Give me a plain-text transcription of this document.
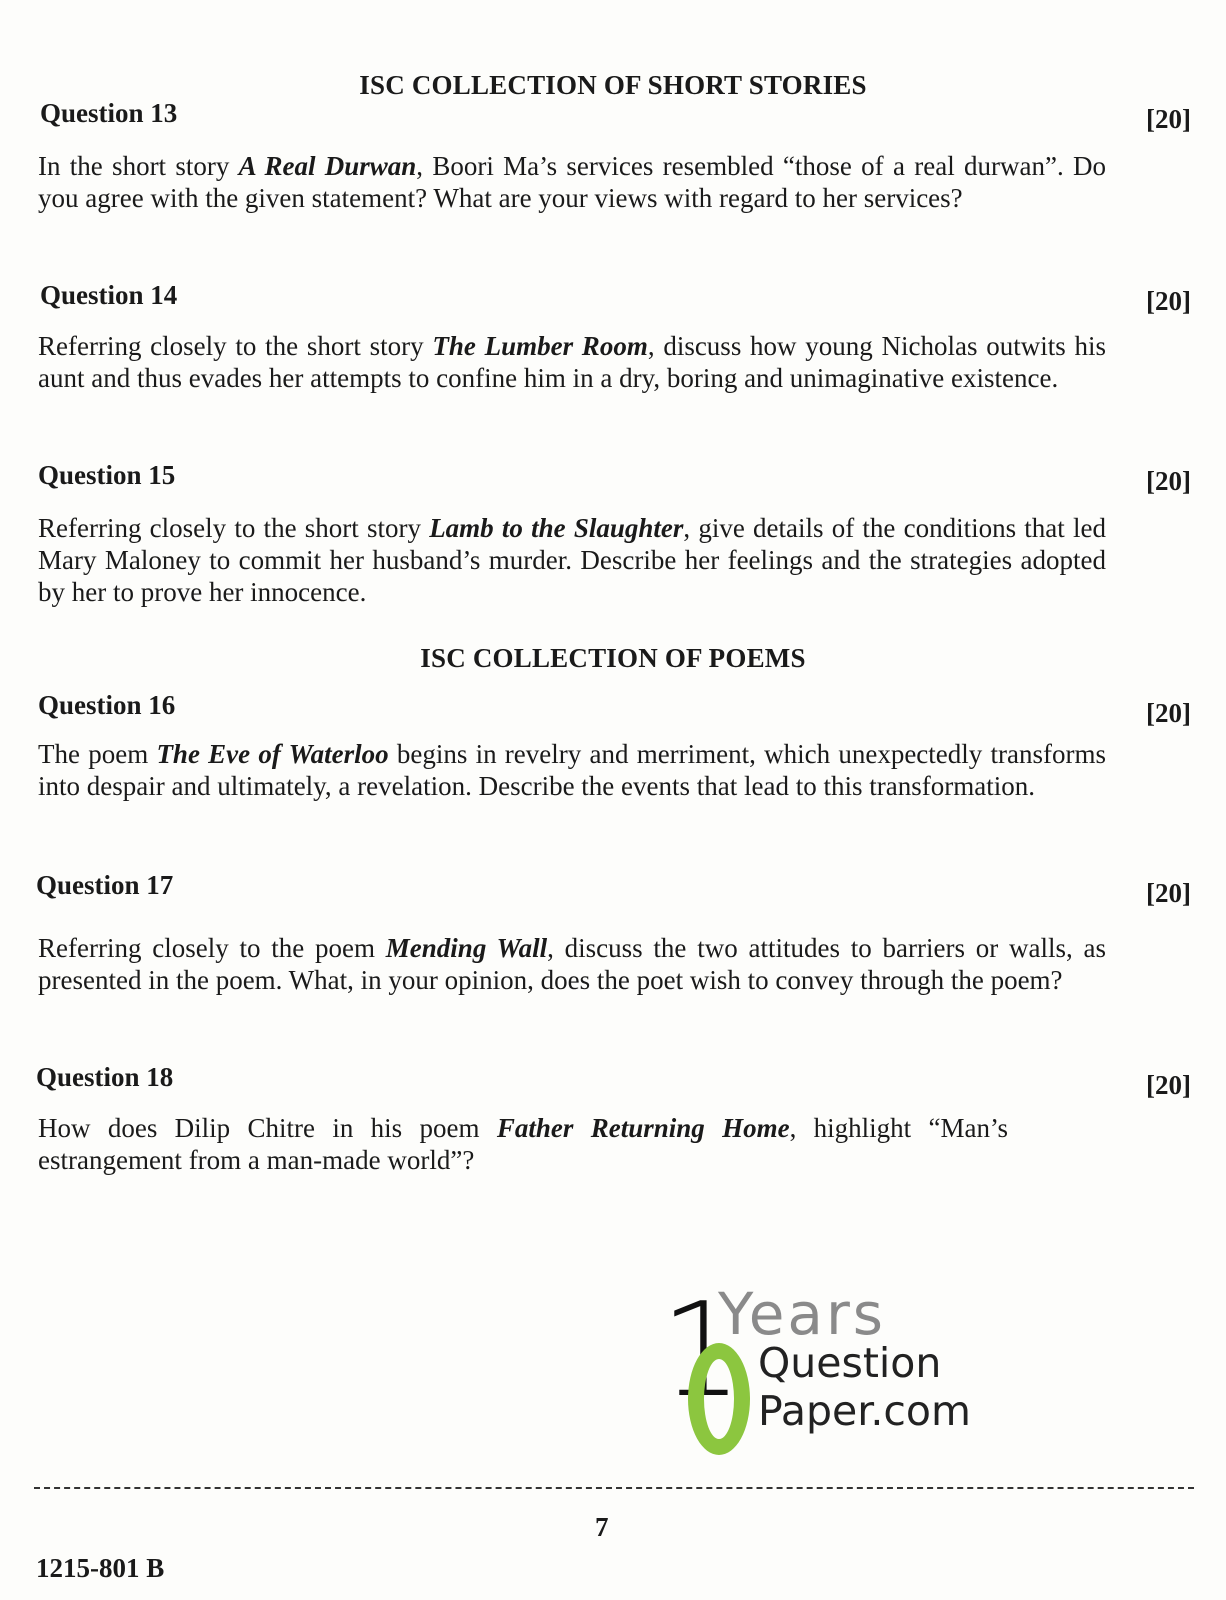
ISC COLLECTION OF SHORT STORIES
Question 13	[20]
In the short story A Real Durwan, Boori Ma’s services resembled “those of a real durwan”. Do you agree with the given statement? What are your views with regard to her services?
Question 14	[20]
Referring closely to the short story The Lumber Room, discuss how young Nicholas outwits his aunt and thus evades her attempts to confine him in a dry, boring and unimaginative existence.
Question 15	[20]
Referring closely to the short story Lamb to the Slaughter, give details of the conditions that led Mary Maloney to commit her husband’s murder. Describe her feelings and the strategies adopted by her to prove her innocence.
ISC COLLECTION OF POEMS
Question 16	[20]
The poem The Eve of Waterloo begins in revelry and merriment, which unexpectedly transforms into despair and ultimately, a revelation. Describe the events that lead to this transformation.
Question 17	[20]
Referring closely to the poem Mending Wall, discuss the two attitudes to barriers or walls, as presented in the poem. What, in your opinion, does the poet wish to convey through the poem?
Question 18	[20]
How does Dilip Chitre in his poem Father Returning Home, highlight “Man’s estrangement from a man-made world”?
1
Years
Question
Paper.com
7
1215-801 B
